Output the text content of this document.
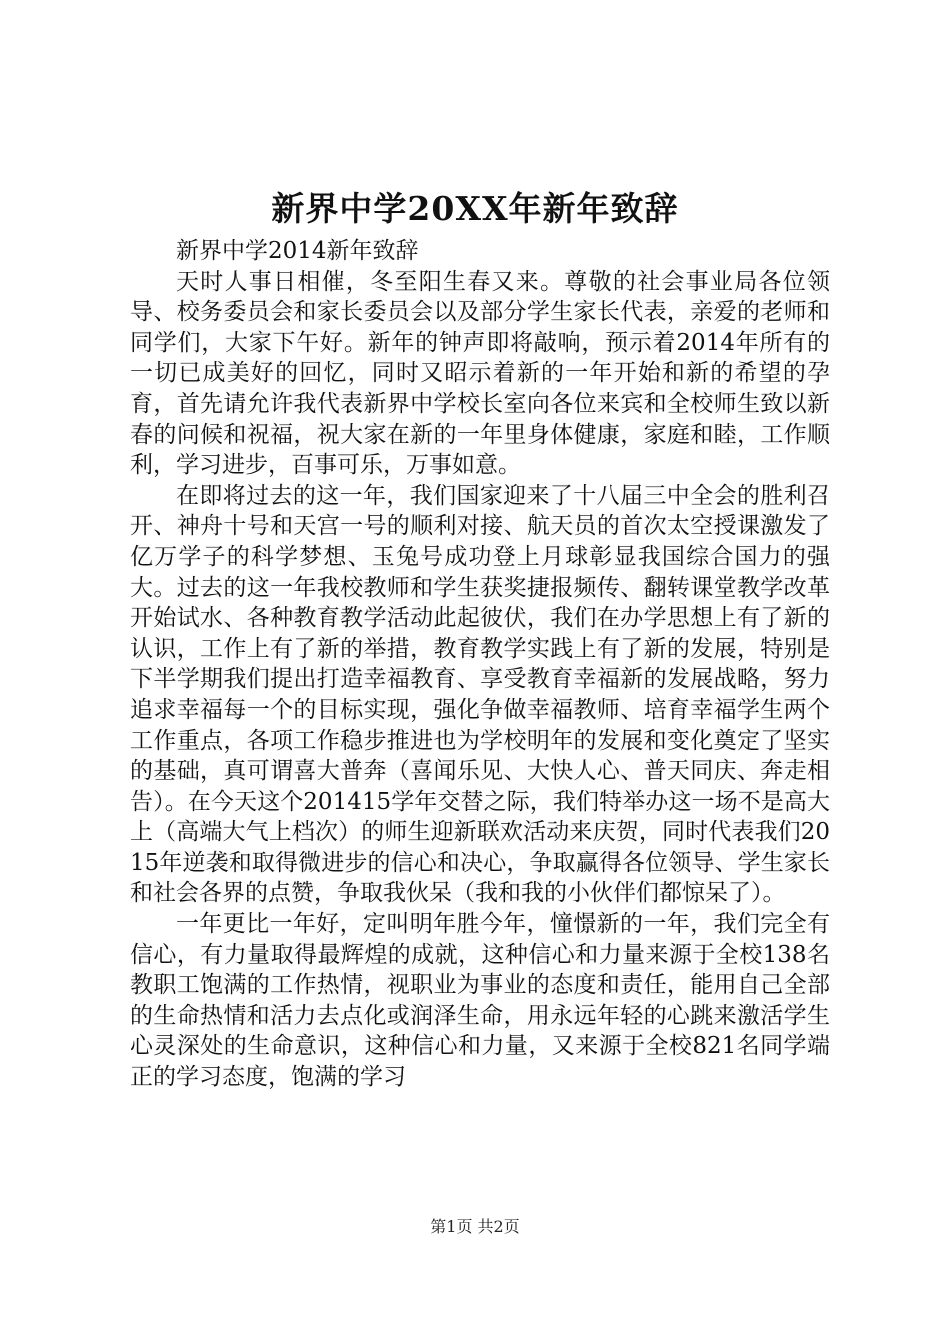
新界中学20XX年新年致辞

新界中学2014新年致辞

天时人事日相催，冬至阳生春又来。尊敬的社会事业局各位领导、校务委员会和家长委员会以及部分学生家长代表，亲爱的老师和同学们，大家下午好。新年的钟声即将敲响，预示着2014年所有的一切已成美好的回忆，同时又昭示着新的一年开始和新的希望的孕育，首先请允许我代表新界中学校长室向各位来宾和全校师生致以新春的问候和祝福，祝大家在新的一年里身体健康，家庭和睦，工作顺利，学习进步，百事可乐，万事如意。

在即将过去的这一年，我们国家迎来了十八届三中全会的胜利召开、神舟十号和天宫一号的顺利对接、航天员的首次太空授课激发了亿万学子的科学梦想、玉兔号成功登上月球彰显我国综合国力的强大。过去的这一年我校教师和学生获奖捷报频传、翻转课堂教学改革开始试水、各种教育教学活动此起彼伏，我们在办学思想上有了新的认识，工作上有了新的举措，教育教学实践上有了新的发展，特别是下半学期我们提出打造幸福教育、享受教育幸福新的发展战略，努力追求幸福每一个的目标实现，强化争做幸福教师、培育幸福学生两个工作重点，各项工作稳步推进也为学校明年的发展和变化奠定了坚实的基础，真可谓喜大普奔（喜闻乐见、大快人心、普天同庆、奔走相告）。在今天这个201415学年交替之际，我们特举办这一场不是高大上（高端大气上档次）的师生迎新联欢活动来庆贺，同时代表我们2015年逆袭和取得微进步的信心和决心，争取赢得各位领导、学生家长和社会各界的点赞，争取我伙呆（我和我的小伙伴们都惊呆了）。

一年更比一年好，定叫明年胜今年，憧憬新的一年，我们完全有信心，有力量取得最辉煌的成就，这种信心和力量来源于全校138名教职工饱满的工作热情，视职业为事业的态度和责任，能用自己全部的生命热情和活力去点化或润泽生命，用永远年轻的心跳来激活学生心灵深处的生命意识，这种信心和力量，又来源于全校821名同学端正的学习态度，饱满的学习

第1页 共2页
